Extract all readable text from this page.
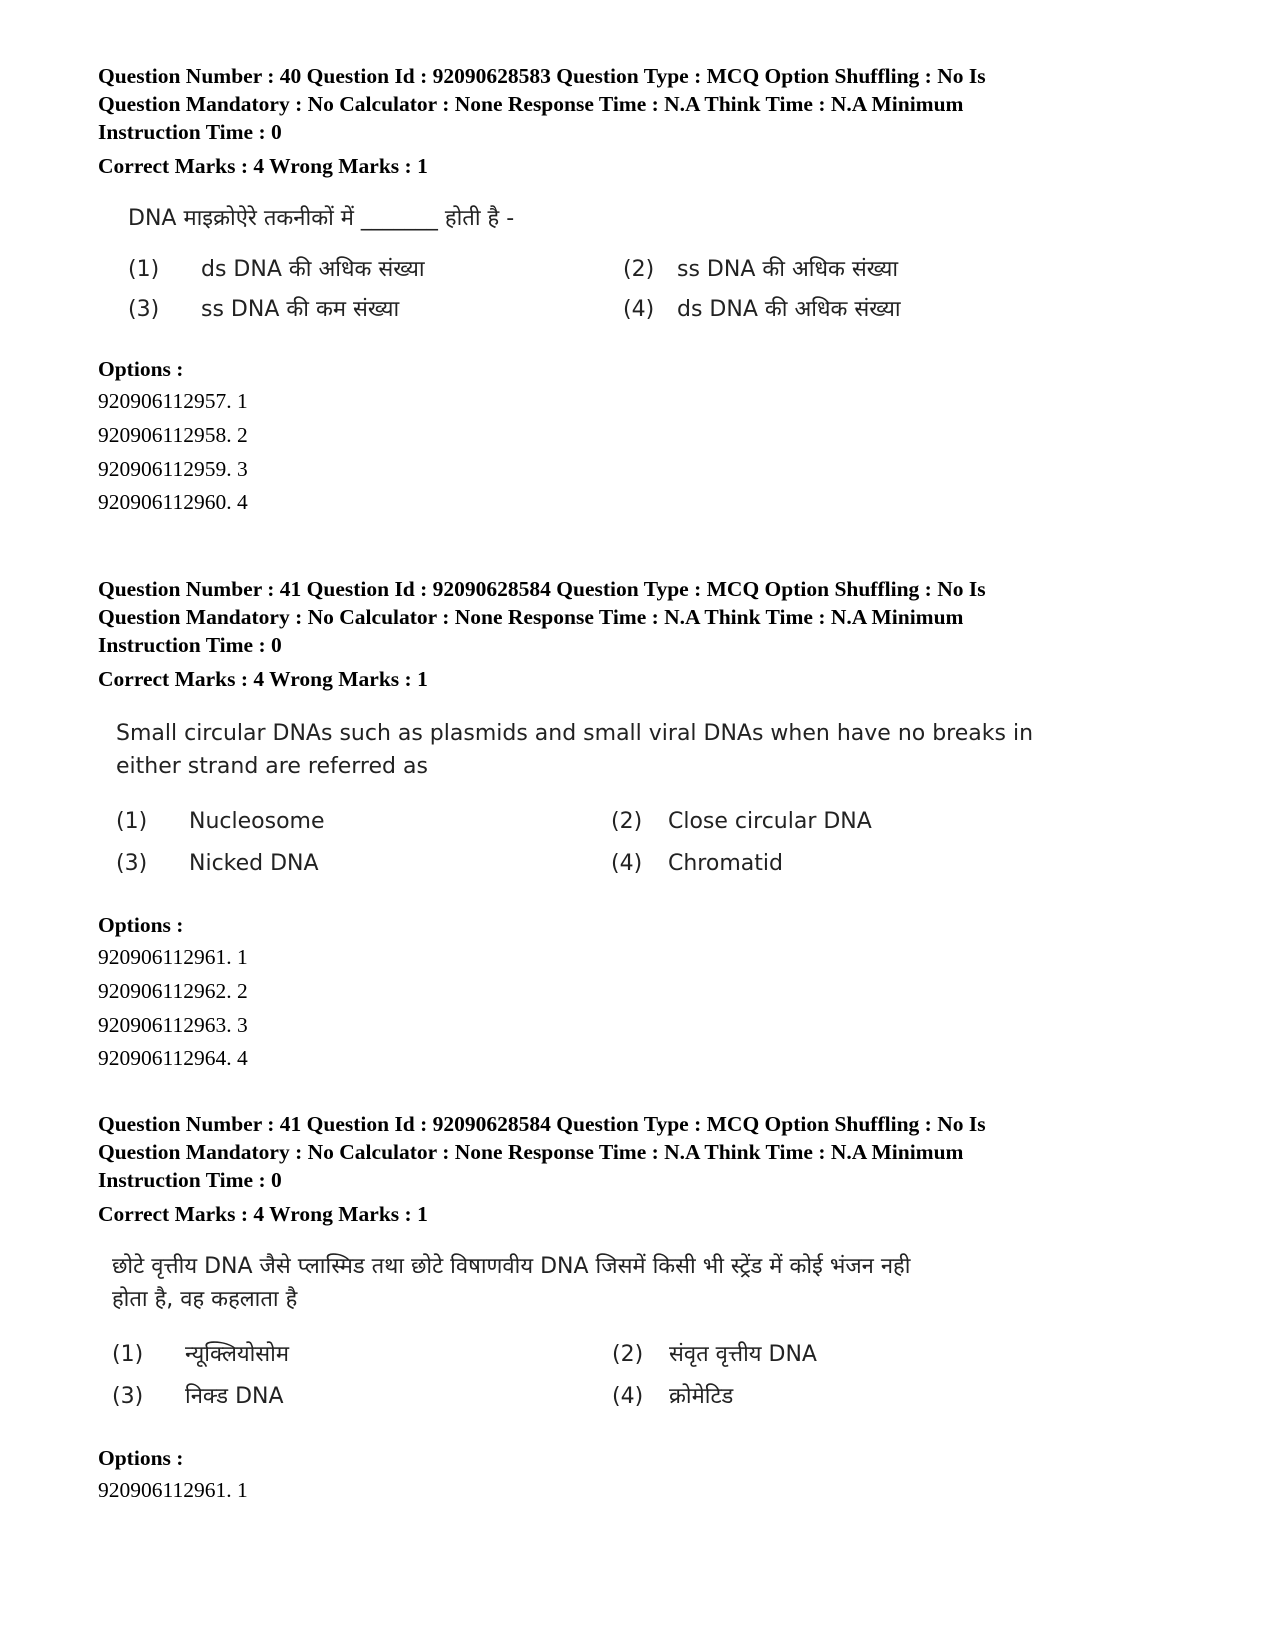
Question Number : 40 Question Id : 92090628583 Question Type : MCQ Option Shuffling : No Is
Question Mandatory : No Calculator : None Response Time : N.A Think Time : N.A Minimum
Instruction Time : 0
Correct Marks : 4 Wrong Marks : 1
DNA माइक्रोऐरे तकनीकों में _______ होती है -
(1)	ds DNA की अधिक संख्या	(2)	ss DNA की अधिक संख्या
(3)	ss DNA की कम संख्या	(4)	ds DNA की अधिक संख्या
Options :
920906112957. 1
920906112958. 2
920906112959. 3
920906112960. 4
Question Number : 41 Question Id : 92090628584 Question Type : MCQ Option Shuffling : No Is
Question Mandatory : No Calculator : None Response Time : N.A Think Time : N.A Minimum
Instruction Time : 0
Correct Marks : 4 Wrong Marks : 1
Small circular DNAs such as plasmids and small viral DNAs when have no breaks in
either strand are referred as
(1)	Nucleosome	(2)	Close circular DNA
(3)	Nicked DNA	(4)	Chromatid
Options :
920906112961. 1
920906112962. 2
920906112963. 3
920906112964. 4
Question Number : 41 Question Id : 92090628584 Question Type : MCQ Option Shuffling : No Is
Question Mandatory : No Calculator : None Response Time : N.A Think Time : N.A Minimum
Instruction Time : 0
Correct Marks : 4 Wrong Marks : 1
छोटे वृत्तीय DNA जैसे प्लास्मिड तथा छोटे विषाणवीय DNA जिसमें किसी भी स्ट्रेंड में कोई भंजन नही
होता है, वह कहलाता है
(1)	न्यूक्लियोसोम	(2)	संवृत वृत्तीय DNA
(3)	निक्ड DNA	(4)	क्रोमेटिड
Options :
920906112961. 1
